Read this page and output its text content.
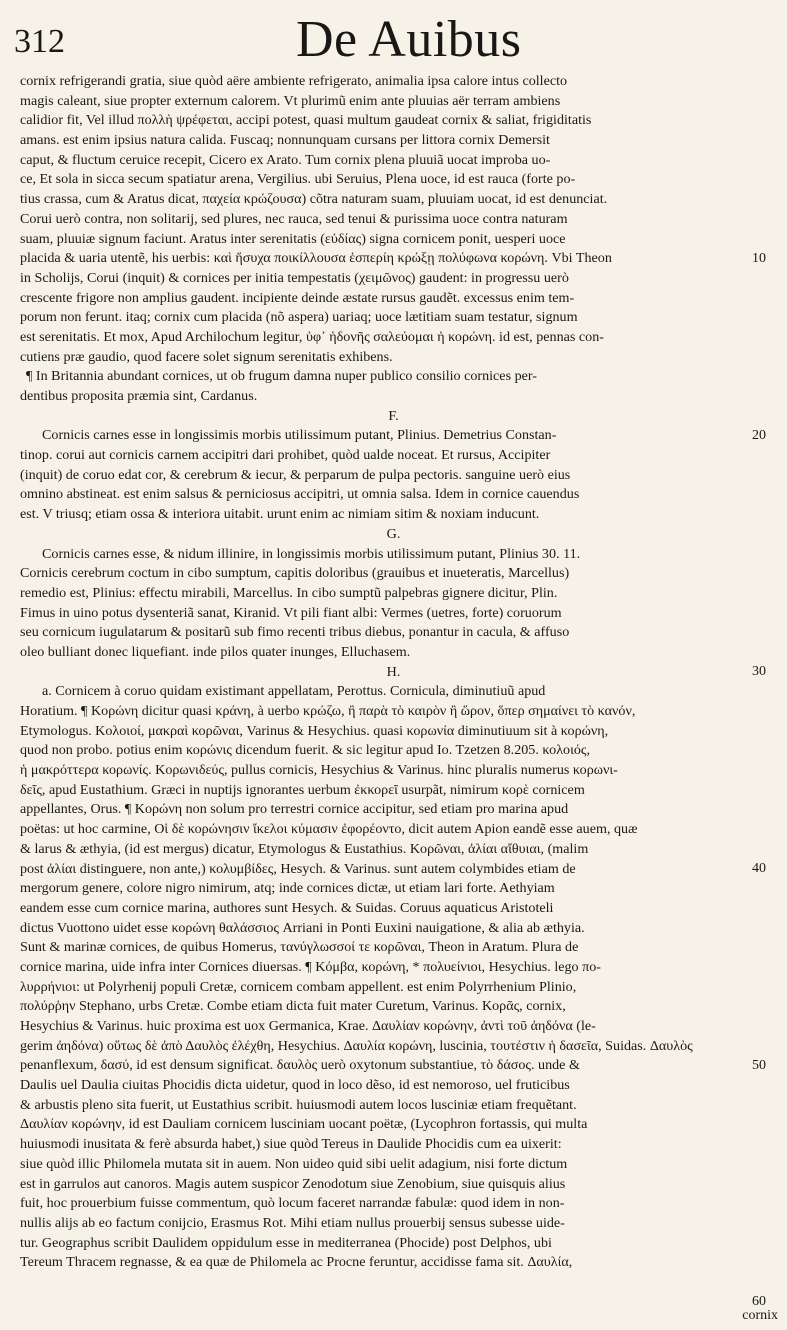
312	De Auibus
cornix refrigerandi gratia, siue quòd aëre ambiente refrigerato, animalia ipsa calore intus collecto
magis caleant, siue propter externum calorem. Vt plurimũ enim ante pluuias aër terram ambiens
calidior fit, Vel illud πολλὴ ψρέφεται, accipi potest, quasi multum gaudeat cornix & saliat, frigiditatis
amans. est enim ipsius natura calida. Fuscaq; nonnunquam cursans per littora cornix Demersit
caput, & fluctum ceruice recepit, Cicero ex Arato. Tum cornix plena pluuiã uocat improba uo-
ce, Et sola in sicca secum spatiatur arena, Vergilius. ubi Seruius, Plena uoce, id est rauca (forte po-
tius crassa, cum & Aratus dicat, παχεία κρώζουσα) cõtra naturam suam, pluuiam uocat, id est denunciat.
Corui uerò contra, non solitarij, sed plures, nec rauca, sed tenui & purissima uoce contra naturam
suam, pluuiæ signum faciunt. Aratus inter serenitatis (εὐδίας) signa cornicem ponit, uesperi uoce
placida & uaria utentẽ, his uerbis: καὶ ἥσυχα ποικίλλουσα ἑσπερίη κρώξῃ πολύφωνα κορώνη. Vbi Theon
in Scholijs, Corui (inquit) & cornices per initia tempestatis (χειμῶνος) gaudent: in progressu uerò
crescente frigore non amplius gaudent. incipiente deinde æstate rursus gaudẽt. excessus enim tem-
porum non ferunt. itaq; cornix cum placida (nõ aspera) uariaq; uoce lætitiam suam testatur, signum
est serenitatis. Et mox, Apud Archilochum legitur, ὑφ᾽ ἡδονῆς σαλεύομαι ἡ κορώνη. id est, pennas con-
cutiens præ gaudio, quod facere solet signum serenitatis exhibens.
¶ In Britannia abundant cornices, ut ob frugum damna nuper publico consilio cornices per-
dentibus proposita præmia sint, Cardanus.
F.
Cornicis carnes esse in longissimis morbis utilissimum putant, Plinius. Demetrius Constan-
tinop. corui aut cornicis carnem accipitri dari prohibet, quòd ualde noceat. Et rursus, Accipiter
(inquit) de coruo edat cor, & cerebrum & iecur, & perparum de pulpa pectoris. sanguine uerò eius
omnino abstineat. est enim salsus & perniciosus accipitri, ut omnia salsa. Idem in cornice cauendus
est. V triusq; etiam ossa & interiora uitabit. urunt enim ac nimiam sitim & noxiam inducunt.
G.
Cornicis carnes esse, & nidum illinire, in longissimis morbis utilissimum putant, Plinius 30. 11.
Cornicis cerebrum coctum in cibo sumptum, capitis doloribus (grauibus et inueteratis, Marcellus)
remedio est, Plinius: effectu mirabili, Marcellus. In cibo sumptũ palpebras gignere dicitur, Plin.
Fimus in uino potus dysenteriã sanat, Kiranid. Vt pili fiant albi: Vermes (uetres, forte) coruorum
seu cornicum iugulatarum & positarũ sub fimo recenti tribus diebus, ponantur in cacula, & affuso
oleo bulliant donec liquefiant. inde pilos quater inunges, Elluchasem.
H.
a. Cornicem à coruo quidam existimant appellatam, Perottus. Cornicula, diminutiuũ apud
Horatium. ¶ Κορώνη dicitur quasi κράνη, à uerbo κρώζω, ἢ παρὰ τὸ καιρὸν ἢ ὥρον, ὅπερ σημαίνει τὸ κανόν,
Etymologus. Κολοιοί, μακραὶ κορῶναι, Varinus & Hesychius. quasi κορωνία diminutiuum sit à κορώνη,
quod non probo. potius enim κορώνις dicendum fuerit. & sic legitur apud Io. Tzetzen 8.205. κολοιός,
ἡ μακρόττερα κορωνίς. Κορωνιδεύς, pullus cornicis, Hesychius & Varinus. hinc pluralis numerus κορωνι-
δεῖς, apud Eustathium. Græci in nuptijs ignorantes uerbum ἐκκορεῖ usurpãt, nimirum κορὲ cornicem
appellantes, Orus. ¶ Κορώνη non solum pro terrestri cornice accipitur, sed etiam pro marina apud
poëtas: ut hoc carmine, Οἱ δὲ κορώνησιν ἴκελοι κύμασιν ἐφορέοντο, dicit autem Apion eandẽ esse auem, quæ
& larus & æthyia, (id est mergus) dicatur, Etymologus & Eustathius. Κορῶναι, ἀλίαι αἴθυιαι, (malim
post ἀλίαι distinguere, non ante,) κολυμβίδες, Hesych. & Varinus. sunt autem colymbides etiam de
mergorum genere, colore nigro nimirum, atq; inde cornices dictæ, ut etiam lari forte. Aethyiam
eandem esse cum cornice marina, authores sunt Hesych. & Suidas. Coruus aquaticus Aristoteli
dictus Vuottono uidet esse κορώνη θαλάσσιος Arriani in Ponti Euxini nauigatione, & alia ab æthyia.
Sunt & marinæ cornices, de quibus Homerus, τανύγλωσσοί τε κορῶναι, Theon in Aratum. Plura de
cornice marina, uide infra inter Cornices diuersas. ¶ Κόμβα, κορώνη, * πολυείνιοι, Hesychius. lego πο-
λυρρήνιοι: ut Polyrhenij populi Cretæ, cornicem combam appellent. est enim Polyrrhenium Plinio,
πολύρῥην Stephano, urbs Cretæ. Combe etiam dicta fuit mater Curetum, Varinus. Κορᾶς, cornix,
Hesychius & Varinus. huic proxima est uox Germanica, Krae. Δαυλίαν κορώνην, ἀντὶ τοῦ ἀηδόνα (le-
gerim ἀηδόνα) οὕτως δὲ ἀπὸ Δαυλὸς ἐλέχθη, Hesychius. Δαυλία κορώνη, luscinia, τουτέστιν ἡ δασεῖα, Suidas. Δαυλὸς
penanflexum, δασύ, id est densum significat. δαυλὸς uerò oxytonum substantiue, τὸ δάσος. unde &
Daulis uel Daulia ciuitas Phocidis dicta uidetur, quod in loco dẽso, id est nemoroso, uel fruticibus
& arbustis pleno sita fuerit, ut Eustathius scribit. huiusmodi autem locos lusciniæ etiam frequẽtant.
Δαυλίαν κορώνην, id est Dauliam cornicem lusciniam uocant poëtæ, (Lycophron fortassis, qui multa
huiusmodi inusitata & ferè absurda habet,) siue quòd Tereus in Daulide Phocidis cum ea uixerit:
siue quòd illic Philomela mutata sit in auem. Non uideo quid sibi uelit adagium, nisi forte dictum
est in garrulos aut canoros. Magis autem suspicor Zenodotum siue Zenobium, siue quisquis alius
fuit, hoc prouerbium fuisse commentum, quò locum faceret narrandæ fabulæ: quod idem in non-
nullis alijs ab eo factum conijcio, Erasmus Rot. Mihi etiam nullus prouerbij sensus subesse uide-
tur. Geographus scribit Daulidem oppidulum esse in mediterranea (Phocide) post Delphos, ubi
Tereum Thracem regnasse, & ea quæ de Philomela ac Procne feruntur, accidisse fama sit. Δαυλία,
10
20
30
40
50
60
cornix
